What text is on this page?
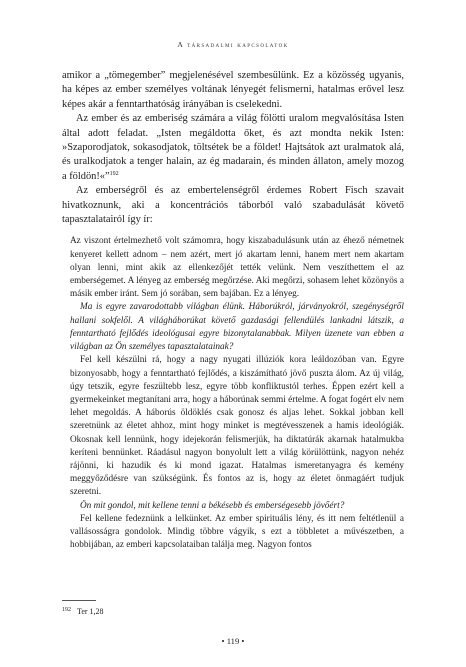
A társadalmi kapcsolatok

amikor a „tömegember” megjelenésével szembesülünk. Ez a közösség ugyanis, ha képes az ember személyes voltának lényegét felismerni, hatalmas erővel lesz képes akár a fenntarthatóság irányában is cselekedni.

Az ember és az emberiség számára a világ fölötti uralom megvalósítása Isten által adott feladat. „Isten megáldotta őket, és azt mondta nekik Isten: »Szaporodjatok, sokasodjatok, töltsétek be a földet! Hajtsátok azt uralmatok alá, és uralkodjatok a tenger halain, az ég madarain, és minden állaton, amely mozog a földön!«”$^{192}$

Az emberségről és az embertelenségről érdemes Robert Fisch szavait hivatkoznunk, aki a koncentrációs táborból való szabadulását követő tapasztalatairól így ír:

Az viszont értelmezhető volt számomra, hogy kiszabadulásunk után az éhező németnek kenyeret kellett adnom – nem azért, mert jó akartam lenni, hanem mert nem akartam olyan lenni, mint akik az ellenkezőjét tették velünk. Nem veszíthettem el az emberségemet. A lényeg az emberség megőrzése. Aki megőrzi, sohasem lehet közönyös a másik ember iránt. Sem jó sorában, sem bajában. Ez a lényeg.

Ma is egyre zavarodottabb világban élünk. Háborúkról, járványokról, szegénységről hallani sokfelől. A világháborúkat követő gazdasági fellendülés lankadni látszik, a fenntartható fejlődés ideológusai egyre bizonytalanabbak. Milyen üzenete van ebben a világban az Ön személyes tapasztalatainak?

Fel kell készülni rá, hogy a nagy nyugati illúziók kora leáldozóban van. Egyre bizonyosabb, hogy a fenntartható fejlődés, a kiszámítható jövő puszta álom. Az új világ, úgy tetszik, egyre feszültebb lesz, egyre több konfliktustól terhes. Éppen ezért kell a gyermekeinket megtanítani arra, hogy a háborúnak semmi értelme. A fogat fogért elv nem lehet megoldás. A háborús öldöklés csak gonosz és aljas lehet. Sokkal jobban kell szeretnünk az életet ahhoz, mint hogy minket is megtévesszenek a hamis ideológiák. Okosnak kell lennünk, hogy idejekorán felismerjük, ha diktatúrák akarnak hatalmukba keríteni bennünket. Ráadásul nagyon bonyolult lett a világ körülöttünk, nagyon nehéz rájönni, ki hazudik és ki mond igazat. Hatalmas ismeretanyagra és kemény meggyőződésre van szükségünk. És fontos az is, hogy az életet önmagáért tudjuk szeretni.

Ön mit gondol, mit kellene tenni a békésebb és emberségesebb jövőért?

Fel kellene fedeznünk a lelkünket. Az ember spirituális lény, és itt nem feltétlenül a vallásosságra gondolok. Mindig többre vágyik, s ezt a többletet a művészetben, a hobbijában, az emberi kapcsolataiban találja meg. Nagyon fontos

$^{192}$ Ter 1,28
• 119 •
